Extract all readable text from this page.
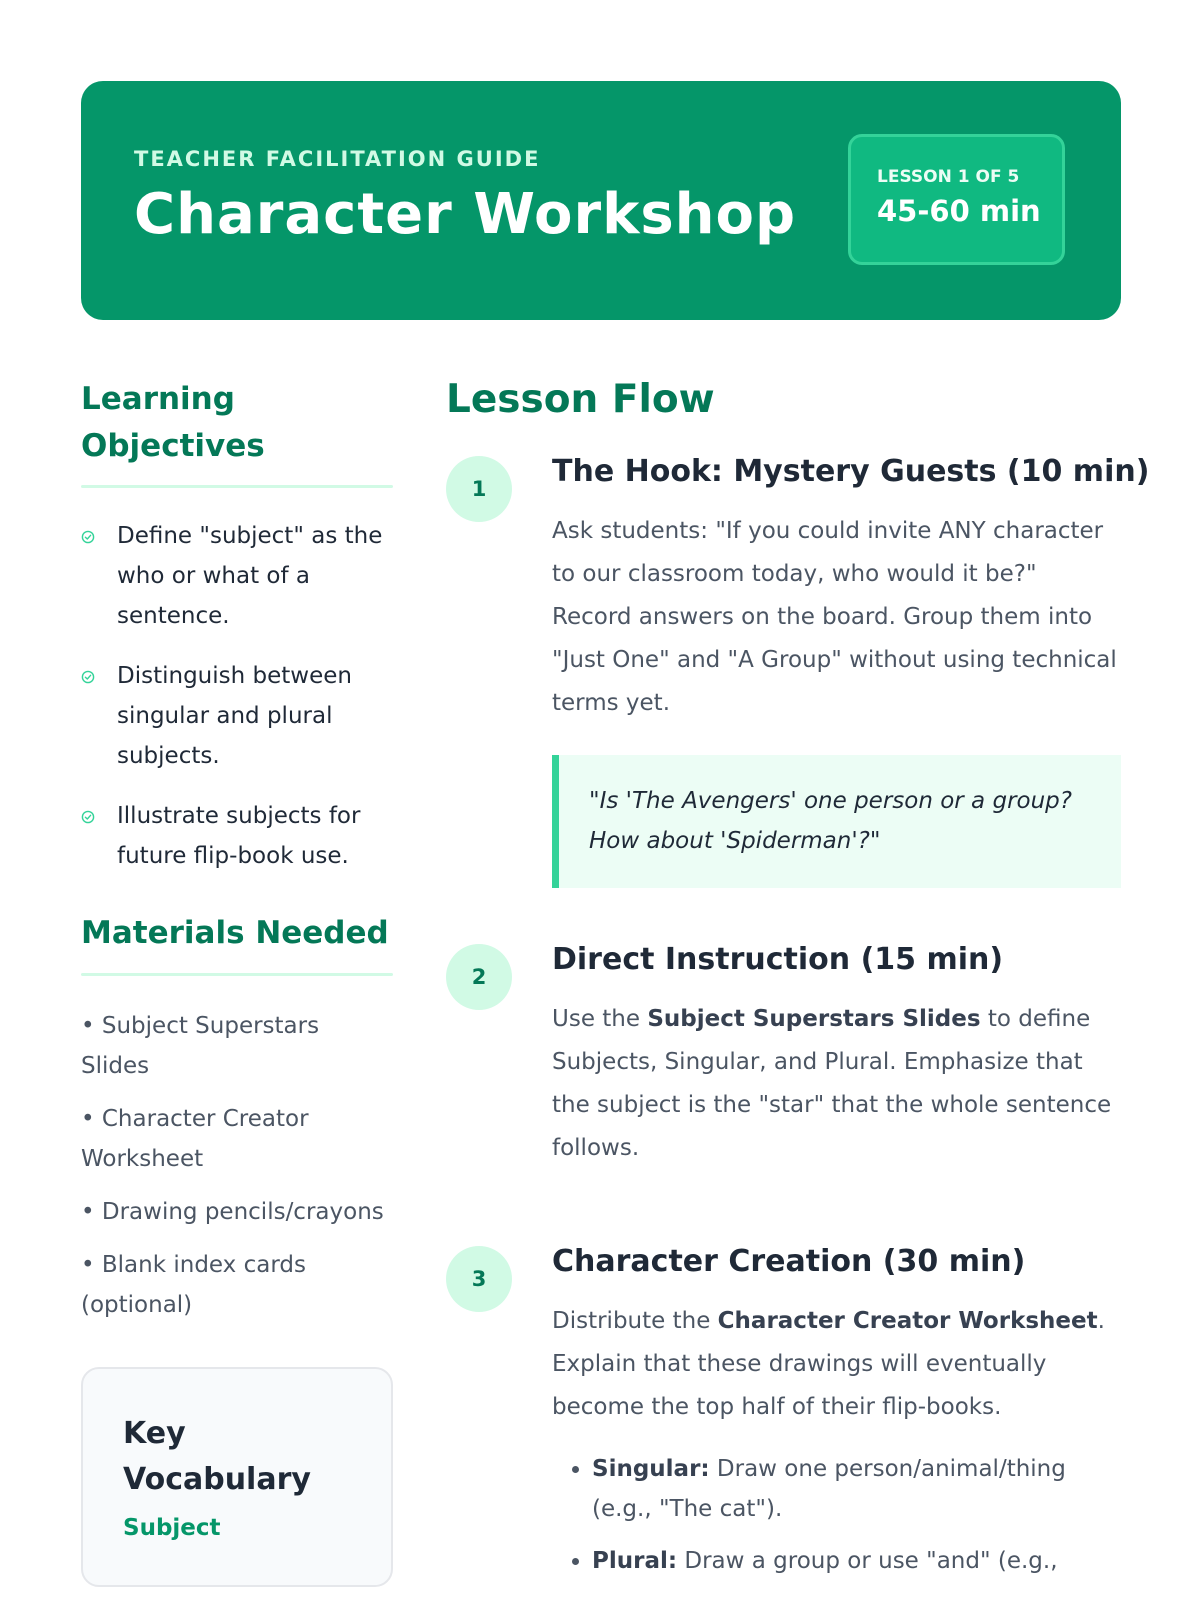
TEACHER FACILITATION GUIDE
Character Workshop
LESSON 1 OF 5
45-60 min
Learning
Objectives
Define "subject" as the who or what of a sentence.
Distinguish between singular and plural subjects.
Illustrate subjects for future flip-book use.
Materials Needed
• Subject Superstars Slides
• Character Creator Worksheet
• Drawing pencils/crayons
• Blank index cards (optional)
Key
Vocabulary
Subject
Lesson Flow
1	The Hook: Mystery Guests (10 min)
Ask students: "If you could invite ANY character to our classroom today, who would it be?" Record answers on the board. Group them into "Just One" and "A Group" without using technical terms yet.
"Is 'The Avengers' one person or a group? How about 'Spiderman'?"
2	Direct Instruction (15 min)
Use the Subject Superstars Slides to define Subjects, Singular, and Plural. Emphasize that the subject is the "star" that the whole sentence follows.
3	Character Creation (30 min)
Distribute the Character Creator Worksheet. Explain that these drawings will eventually become the top half of their flip-books.
• Singular: Draw one person/animal/thing (e.g., "The cat").
• Plural: Draw a group or use "and" (e.g.,
